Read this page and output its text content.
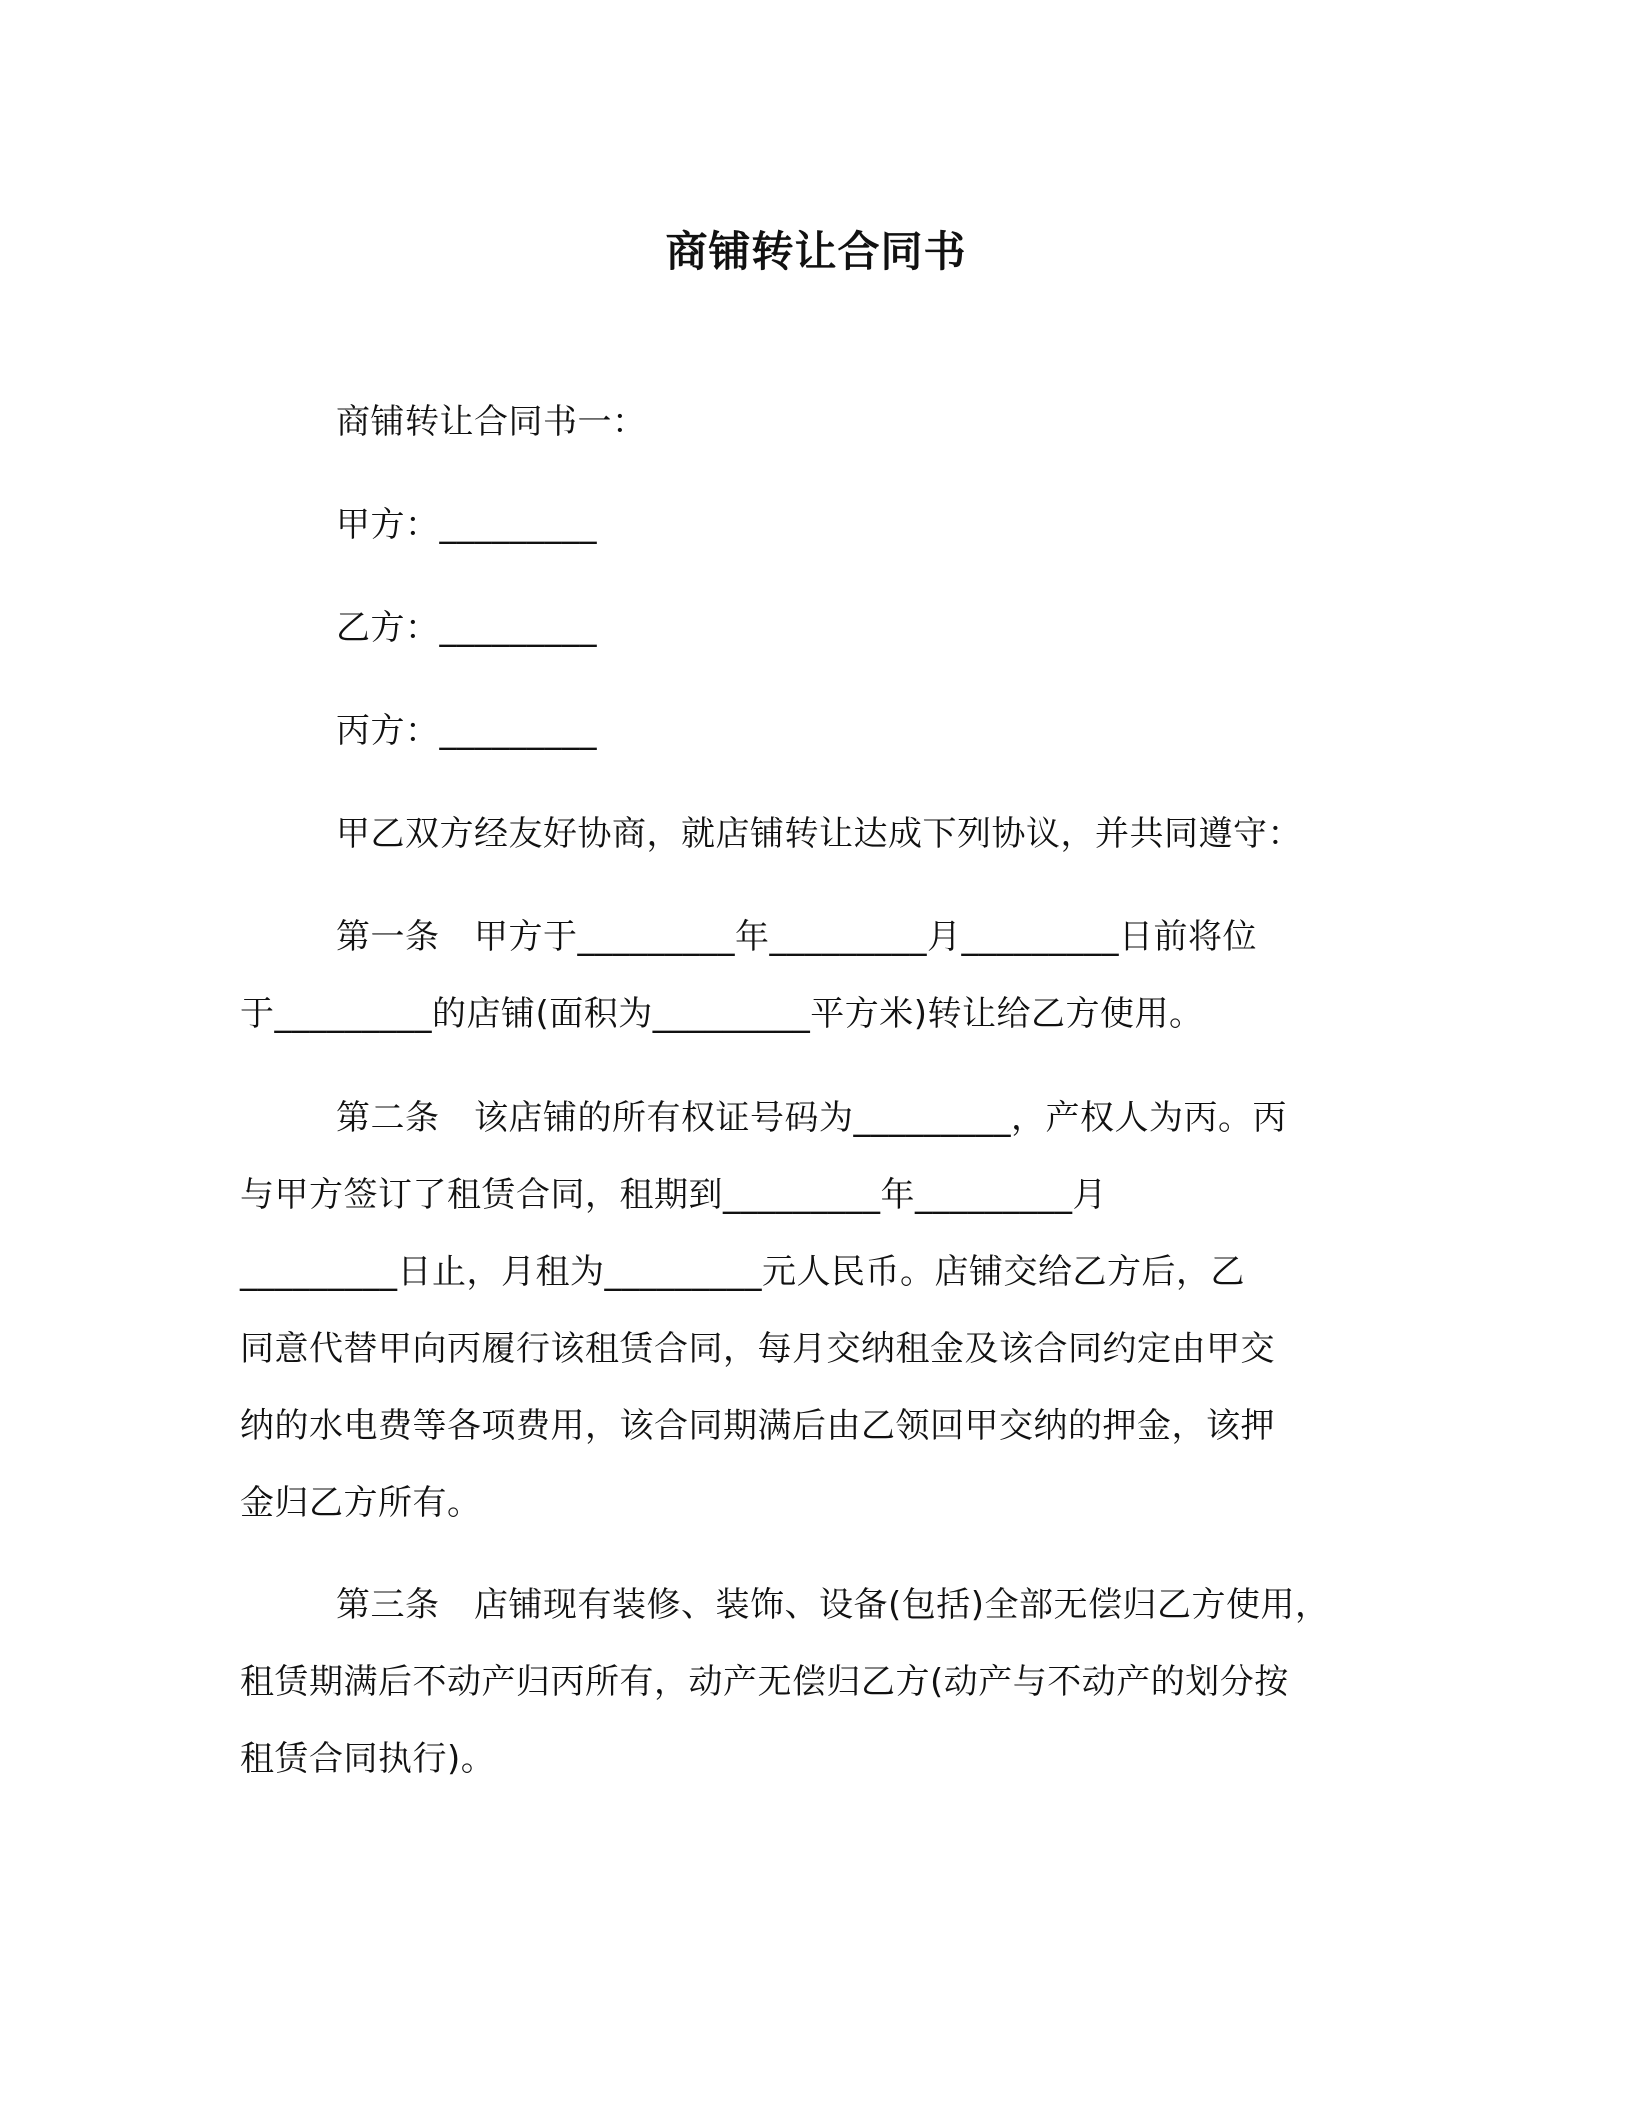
商铺转让合同书
商铺转让合同书一：
甲方：_________
乙方：_________
丙方：_________
甲乙双方经友好协商，就店铺转让达成下列协议，并共同遵守：
第一条　甲方于_________年_________月_________日前将位
于_________的店铺(面积为_________平方米)转让给乙方使用。
第二条　该店铺的所有权证号码为_________，产权人为丙。丙
与甲方签订了租赁合同，租期到_________年_________月
_________日止，月租为_________元人民币。店铺交给乙方后，乙
同意代替甲向丙履行该租赁合同，每月交纳租金及该合同约定由甲交
纳的水电费等各项费用，该合同期满后由乙领回甲交纳的押金，该押
金归乙方所有。
第三条　店铺现有装修、装饰、设备(包括)全部无偿归乙方使用，
租赁期满后不动产归丙所有，动产无偿归乙方(动产与不动产的划分按
租赁合同执行)。
